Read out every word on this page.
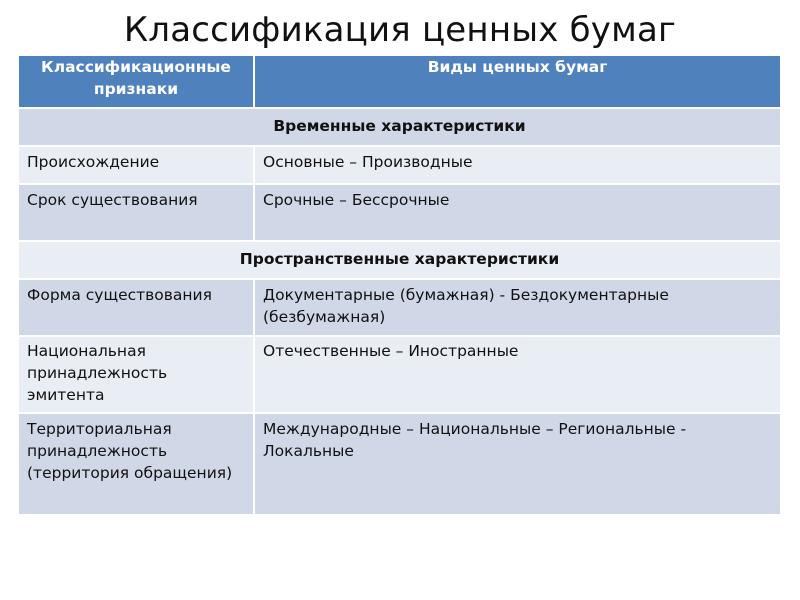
Классификация ценных бумаг
Классификационные признаки	Виды ценных бумаг
Временные характеристики	
Происхождение	Основные – Производные
Срок существования	Срочные – Бессрочные
Пространственные характеристики	
Форма существования	Документарные (бумажная) - Бездокументарные (безбумажная)
Национальная принадлежность эмитента	Отечественные – Иностранные
Территориальная принадлежность (территория обращения)	Международные – Национальные – Региональные - Локальные
